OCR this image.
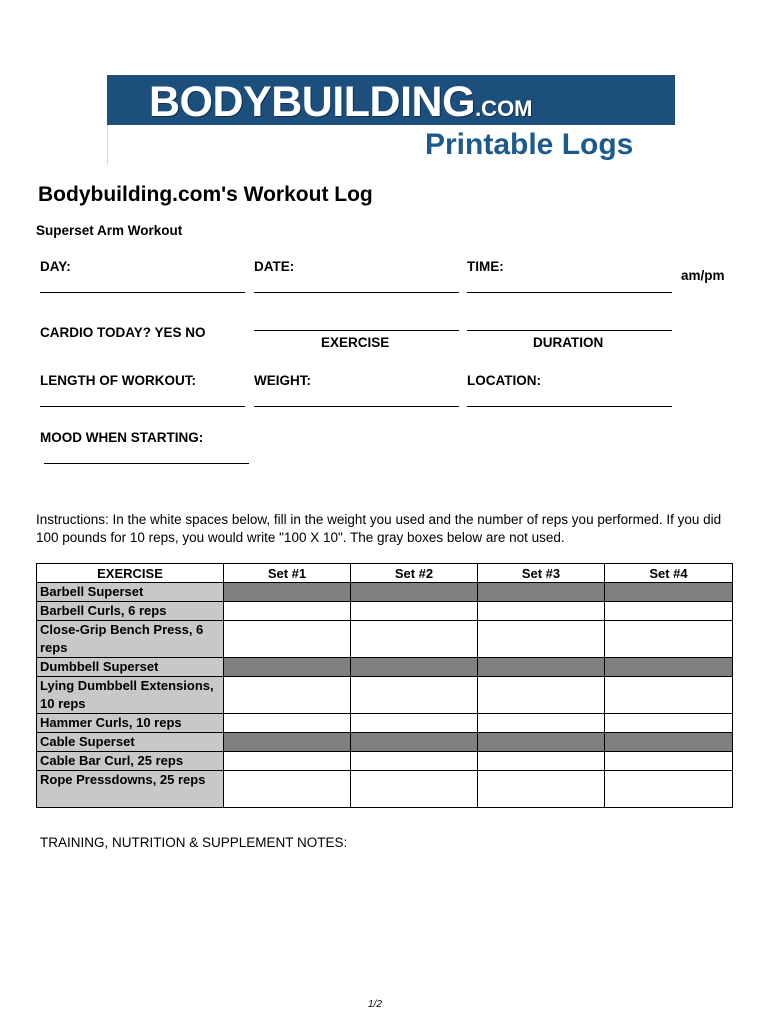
BODYBUILDING.COM
Printable Logs
Bodybuilding.com's Workout Log
Superset Arm Workout
DAY:	DATE:	TIME:
am/pm
CARDIO TODAY? YES NO
EXERCISE	DURATION
LENGTH OF WORKOUT:	WEIGHT:	LOCATION:
MOOD WHEN STARTING:
Instructions: In the white spaces below, fill in the weight you used and the number of reps you performed. If you did 100 pounds for 10 reps, you would write "100 X 10". The gray boxes below are not used.
EXERCISE	Set #1	Set #2	Set #3	Set #4
Barbell Superset				
Barbell Curls, 6 reps				
Close-Grip Bench Press, 6 reps				
Dumbbell Superset				
Lying Dumbbell Extensions, 10 reps				
Hammer Curls, 10 reps				
Cable Superset				
Cable Bar Curl, 25 reps				
Rope Pressdowns, 25 reps				
TRAINING, NUTRITION & SUPPLEMENT NOTES:
1/2
